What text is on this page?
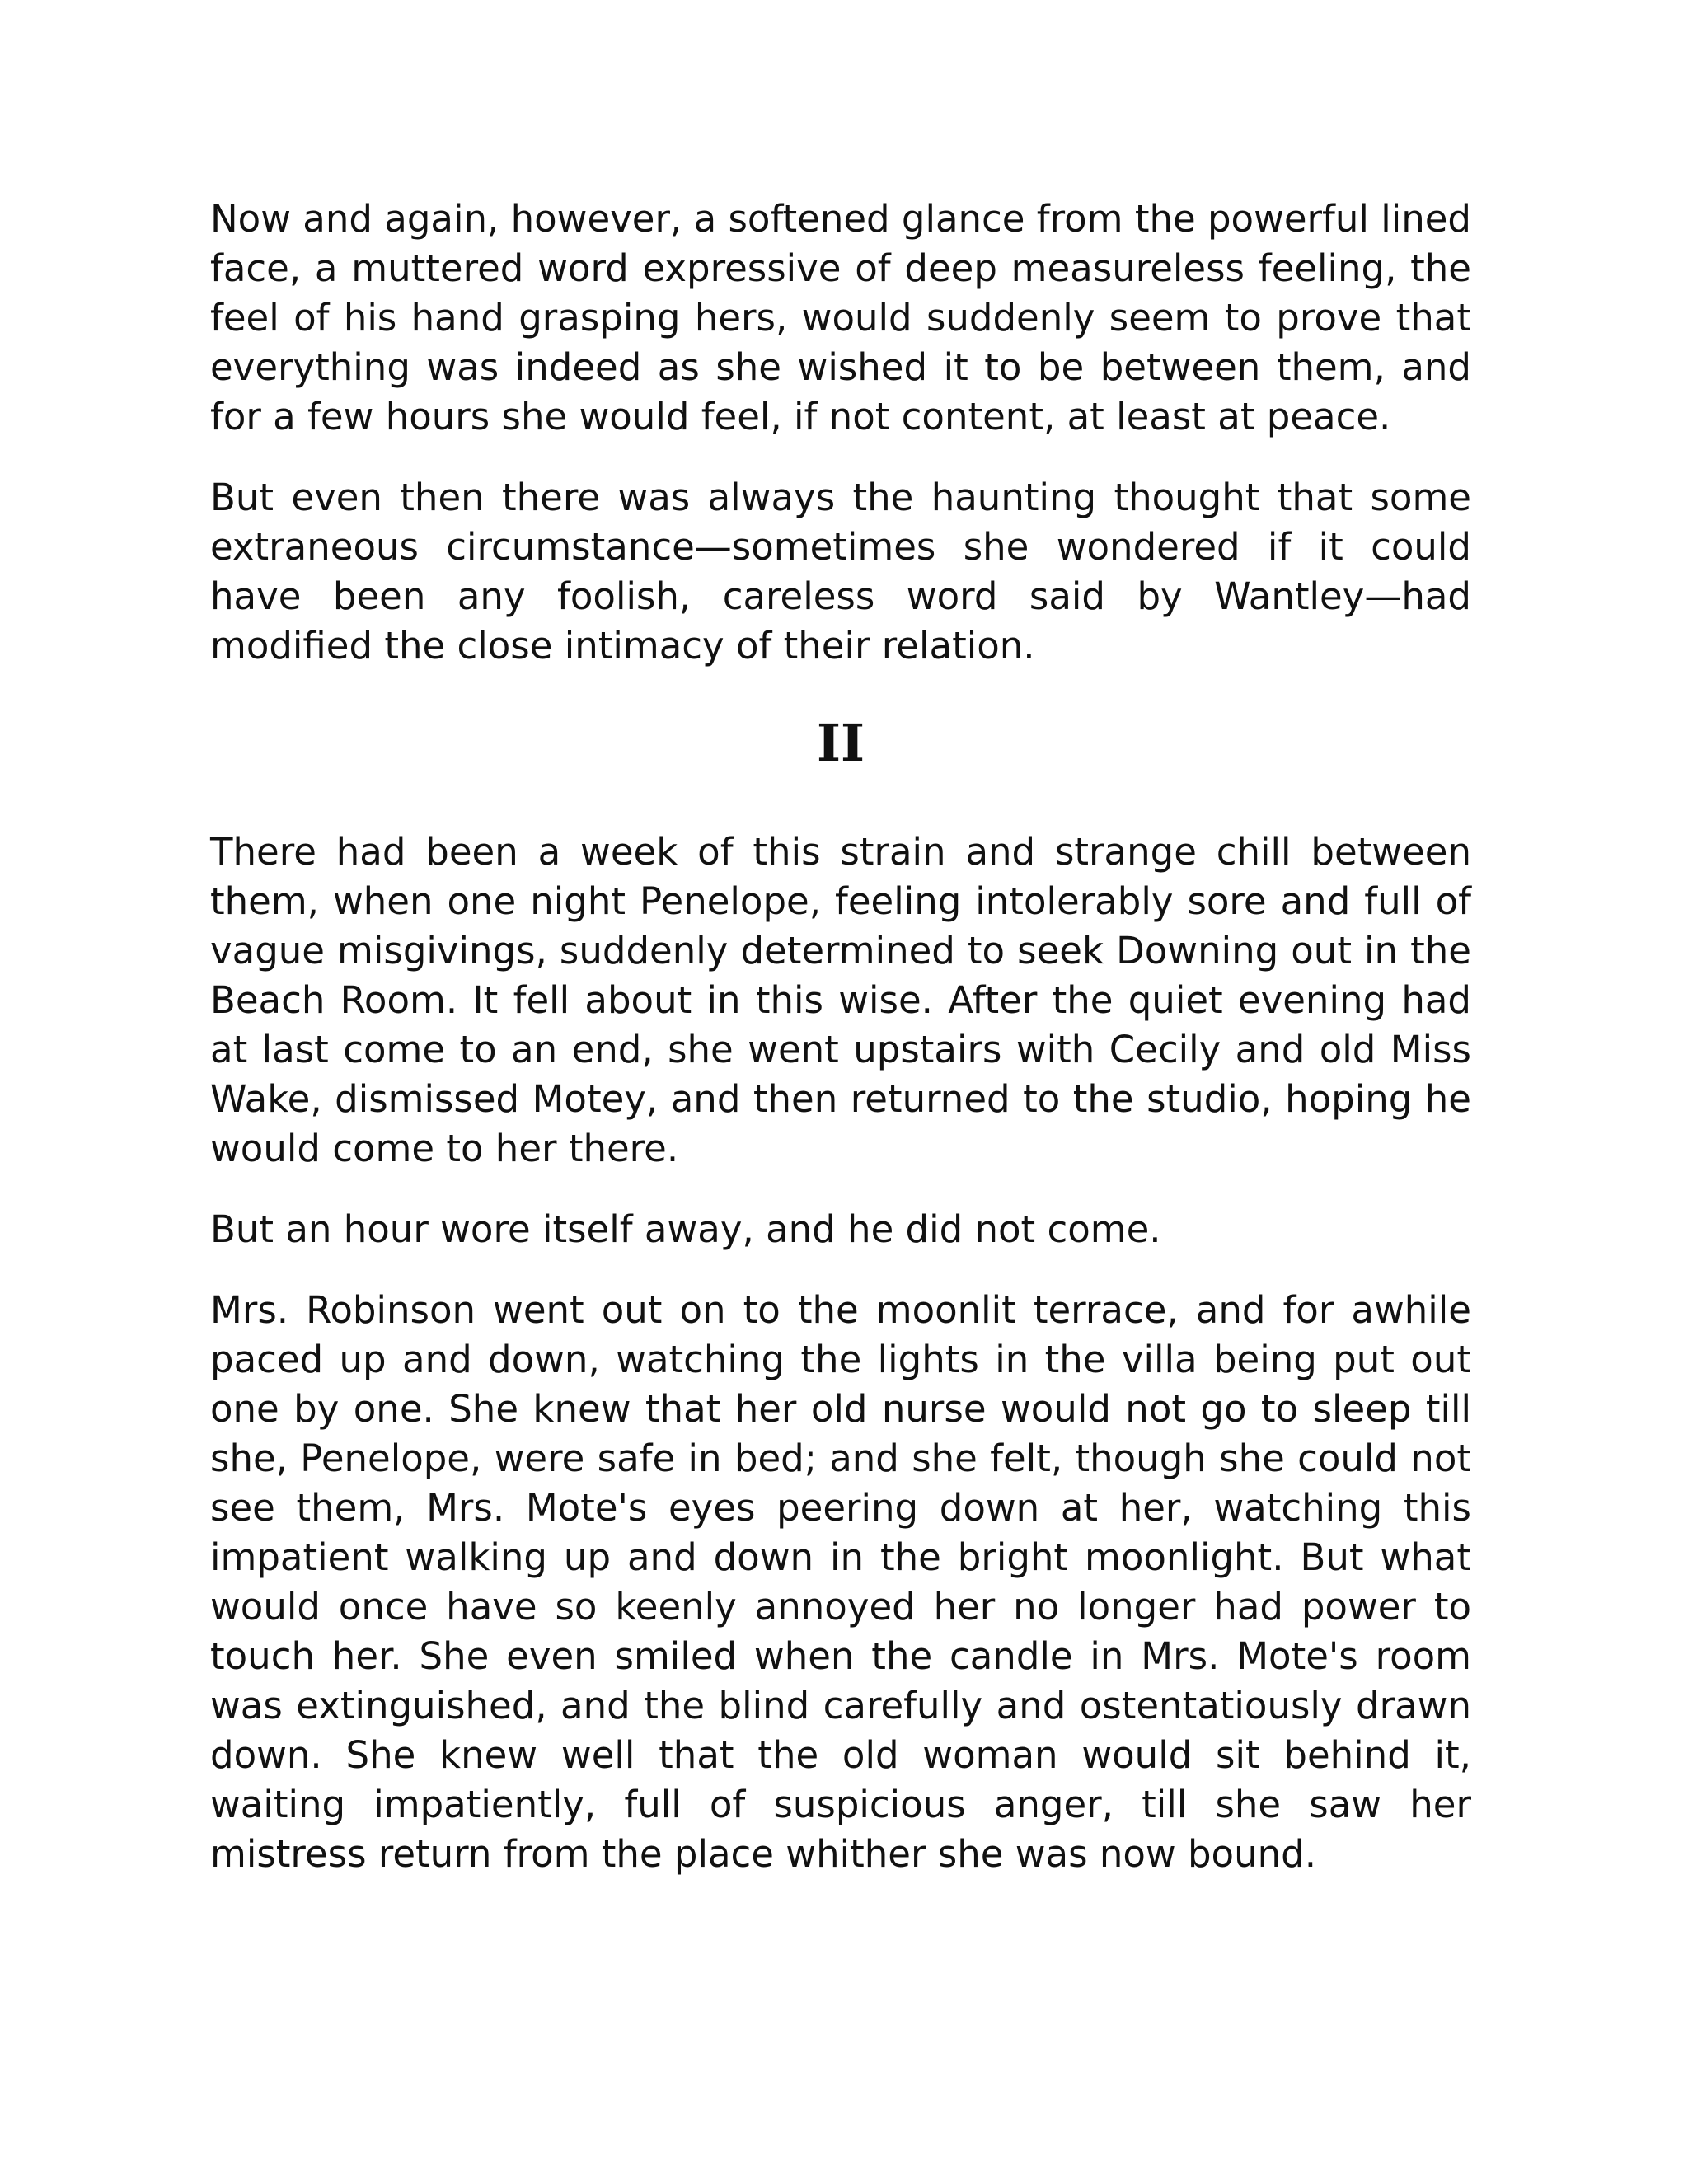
Now and again, however, a softened glance from the powerful lined face, a muttered word expressive of deep measureless feeling, the feel of his hand grasping hers, would suddenly seem to prove that everything was indeed as she wished it to be between them, and for a few hours she would feel, if not content, at least at peace.

But even then there was always the haunting thought that some extraneous circumstance—sometimes she wondered if it could have been any foolish, careless word said by Wantley—had modified the close intimacy of their relation.

II

There had been a week of this strain and strange chill between them, when one night Penelope, feeling intolerably sore and full of vague misgivings, suddenly determined to seek Downing out in the Beach Room. It fell about in this wise. After the quiet evening had at last come to an end, she went upstairs with Cecily and old Miss Wake, dismissed Motey, and then returned to the studio, hoping he would come to her there.

But an hour wore itself away, and he did not come.

Mrs. Robinson went out on to the moonlit terrace, and for awhile paced up and down, watching the lights in the villa being put out one by one. She knew that her old nurse would not go to sleep till she, Penelope, were safe in bed; and she felt, though she could not see them, Mrs. Mote's eyes peering down at her, watching this impatient walking up and down in the bright moonlight. But what would once have so keenly annoyed her no longer had power to touch her. She even smiled when the candle in Mrs. Mote's room was extinguished, and the blind carefully and ostentatiously drawn down. She knew well that the old woman would sit behind it, waiting impatiently, full of suspicious anger, till she saw her mistress return from the place whither she was now bound.
